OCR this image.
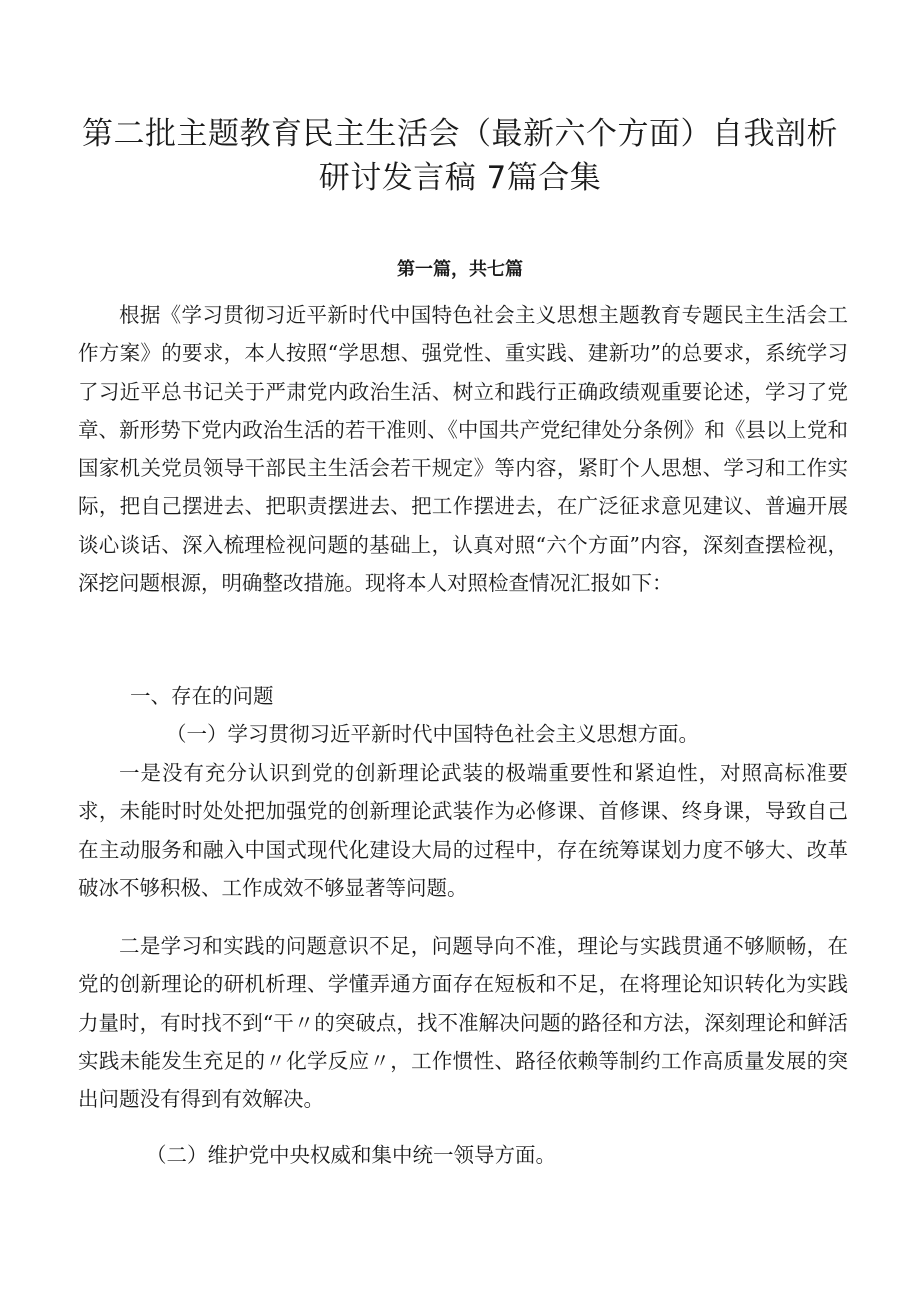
第二批主题教育民主生活会（最新六个方面）自我剖析
研讨发言稿 7篇合集

第一篇，共七篇

根据《学习贯彻习近平新时代中国特色社会主义思想主题教育专题民主生活会工作方案》的要求，本人按照“学思想、强党性、重实践、建新功”的总要求，系统学习了习近平总书记关于严肃党内政治生活、树立和践行正确政绩观重要论述，学习了党章、新形势下党内政治生活的若干准则、《中国共产党纪律处分条例》和《县以上党和国家机关党员领导干部民主生活会若干规定》等内容，紧盯个人思想、学习和工作实际，把自己摆进去、把职责摆进去、把工作摆进去，在广泛征求意见建议、普遍开展谈心谈话、深入梳理检视问题的基础上，认真对照“六个方面”内容，深刻查摆检视，深挖问题根源，明确整改措施。现将本人对照检查情况汇报如下：

一、存在的问题

（一）学习贯彻习近平新时代中国特色社会主义思想方面。

一是没有充分认识到党的创新理论武装的极端重要性和紧迫性，对照高标准要求，未能时时处处把加强党的创新理论武装作为必修课、首修课、终身课，导致自己在主动服务和融入中国式现代化建设大局的过程中，存在统筹谋划力度不够大、改革破冰不够积极、工作成效不够显著等问题。

二是学习和实践的问题意识不足，问题导向不准，理论与实践贯通不够顺畅，在党的创新理论的研机析理、学懂弄通方面存在短板和不足，在将理论知识转化为实践力量时，有时找不到“干〃的突破点，找不准解决问题的路径和方法，深刻理论和鲜活实践未能发生充足的〃化学反应〃，工作惯性、路径依赖等制约工作高质量发展的突出问题没有得到有效解决。

（二）维护党中央权威和集中统一领导方面。
